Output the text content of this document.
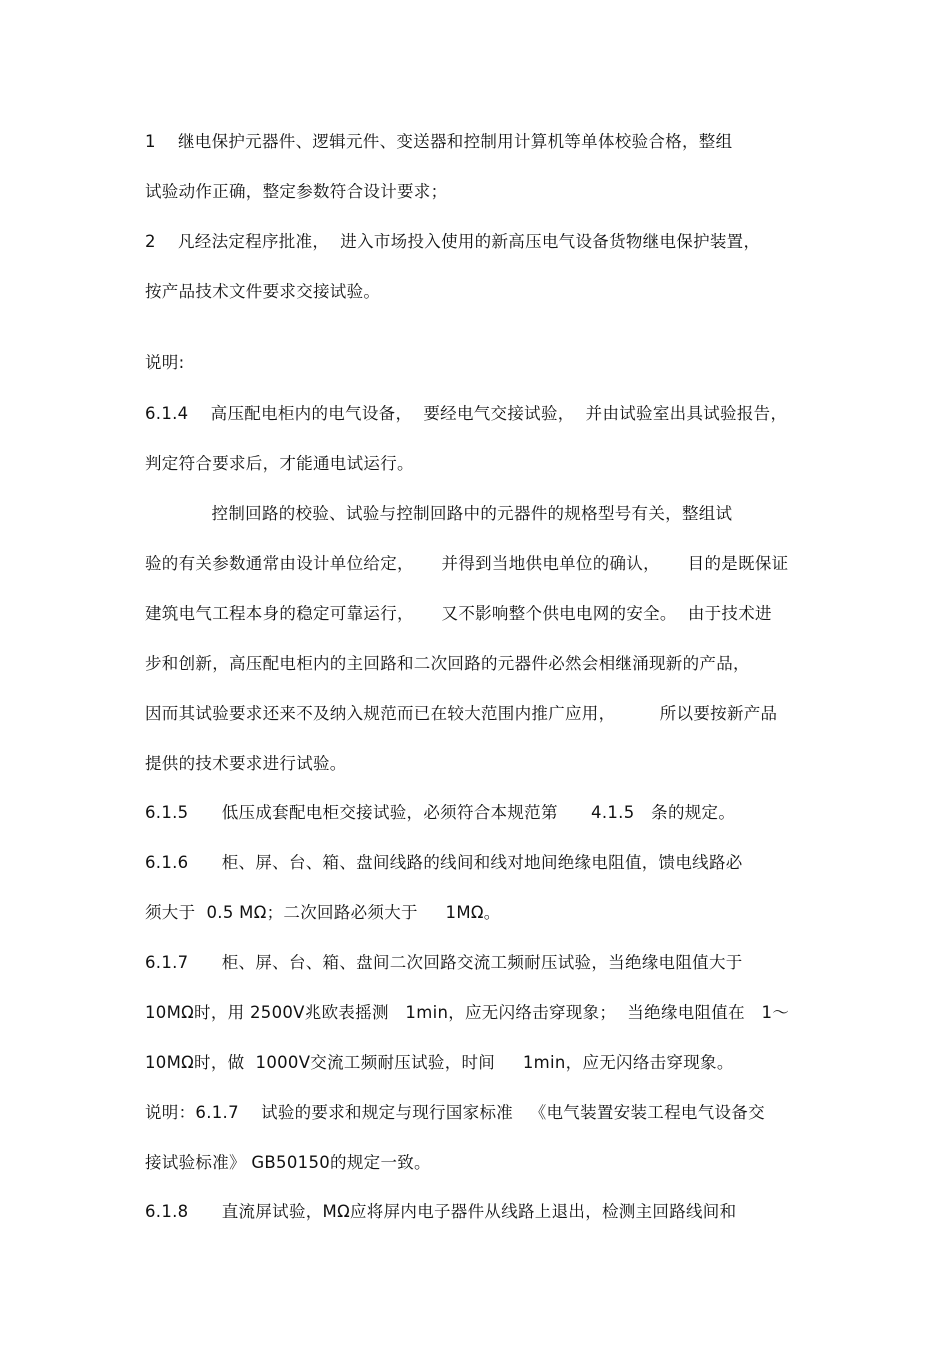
1    继电保护元器件、逻辑元件、变送器和控制用计算机等单体校验合格，整组
试验动作正确，整定参数符合设计要求；
2    凡经法定程序批准，  进入市场投入使用的新高压电气设备货物继电保护装置，
按产品技术文件要求交接试验。
说明:
6.1.4    高压配电柜内的电气设备，  要经电气交接试验，  并由试验室出具试验报告，
判定符合要求后，才能通电试运行。
控制回路的校验、试验与控制回路中的元器件的规格型号有关，整组试
验的有关参数通常由设计单位给定，     并得到当地供电单位的确认，     目的是既保证
建筑电气工程本身的稳定可靠运行，     又不影响整个供电电网的安全。  由于技术进
步和创新，高压配电柜内的主回路和二次回路的元器件必然会相继涌现新的产品，
因而其试验要求还来不及纳入规范而已在较大范围内推广应用，        所以要按新产品
提供的技术要求进行试验。
6.1.5      低压成套配电柜交接试验，必须符合本规范第      4.1.5   条的规定。
6.1.6      柜、屏、台、箱、盘间线路的线间和线对地间绝缘电阻值，馈电线路必
须大于  0.5 MΩ；二次回路必须大于     1MΩ。
6.1.7      柜、屏、台、箱、盘间二次回路交流工频耐压试验，当绝缘电阻值大于
10MΩ时，用 2500V兆欧表摇测   1min，应无闪络击穿现象；  当绝缘电阻值在   1～
10MΩ时，做  1000V交流工频耐压试验，时间     1min，应无闪络击穿现象。
说明：6.1.7    试验的要求和规定与现行国家标准   《电气装置安装工程电气设备交
接试验标准》 GB50150的规定一致。
6.1.8      直流屏试验，MΩ应将屏内电子器件从线路上退出，检测主回路线间和
